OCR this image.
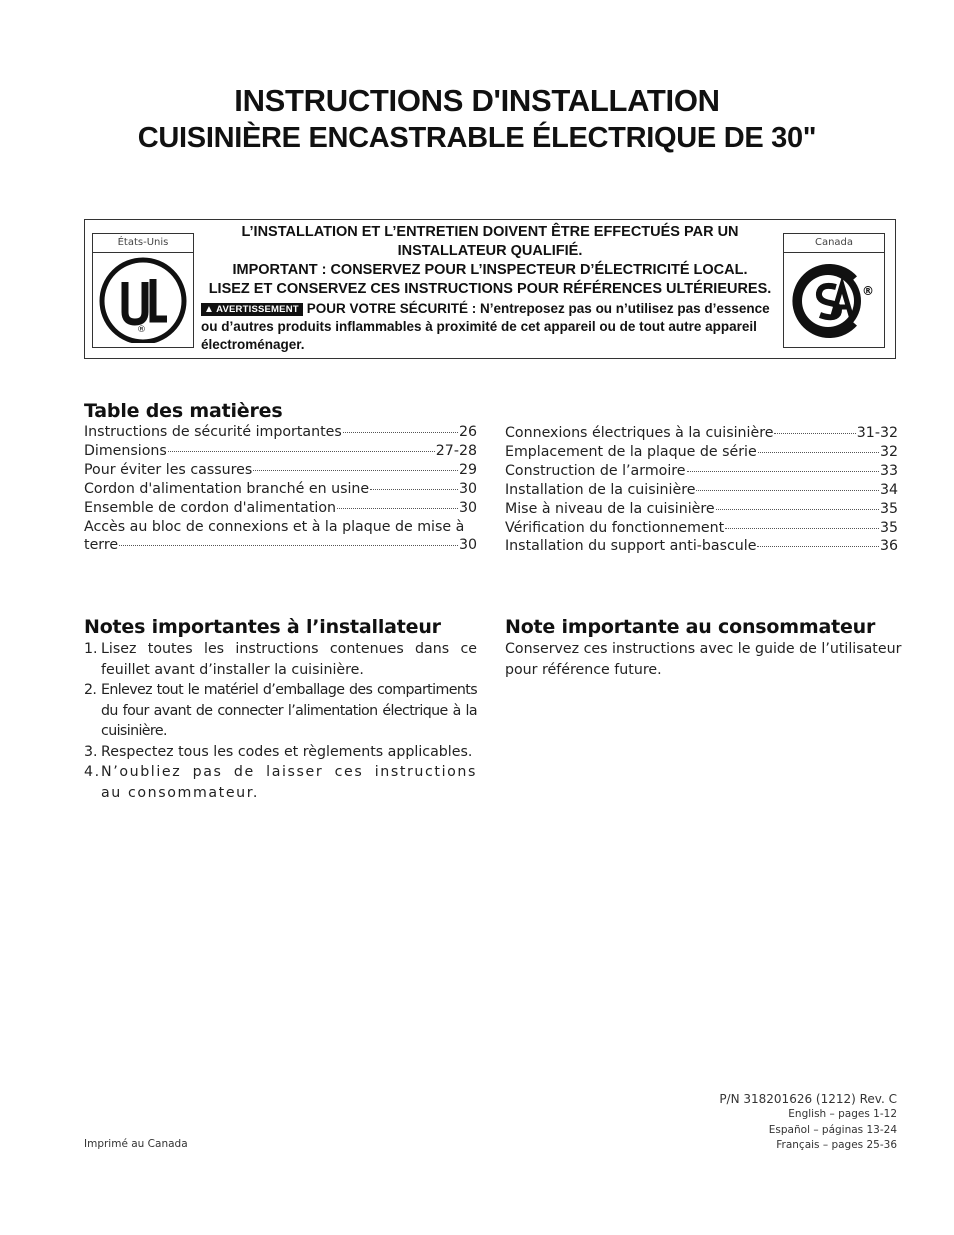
INSTRUCTIONS D'INSTALLATION
CUISINIÈRE ENCASTRABLE ÉLECTRIQUE DE 30"
États-Unis
®
L’INSTALLATION ET L’ENTRETIEN DOIVENT ÊTRE EFFECTUÉS PAR UN INSTALLATEUR QUALIFIÉ.
IMPORTANT : CONSERVEZ POUR L’INSPECTEUR D’ÉLECTRICITÉ LOCAL.
LISEZ ET CONSERVEZ CES INSTRUCTIONS POUR RÉFÉRENCES ULTÉRIEURES.
▲ AVERTISSEMENT POUR VOTRE SÉCURITÉ : N’entreposez pas ou n’utilisez pas d’essence ou d’autres produits inflammables à proximité de cet appareil ou de tout autre appareil électroménager.
Canada
®
Table des matières
Instructions de sécurité importantes	26
Dimensions	27-28
Pour éviter les cassures	29
Cordon d'alimentation branché en usine	30
Ensemble de cordon d'alimentation	30
Accès au bloc de connexions et à la plaque de mise à
terre	30
Connexions électriques à la cuisinière	31-32
Emplacement de la plaque de série	32
Construction de l’armoire	33
Installation de la cuisinière	34
Mise à niveau de la cuisinière	35
Vérification du fonctionnement	35
Installation du support anti-bascule	36
Notes importantes à l’installateur
1. Lisez toutes les instructions contenues dans ce feuillet avant d’installer la cuisinière.
2. Enlevez tout le matériel d’emballage des compartiments du four avant de connecter l’alimentation électrique à la cuisinière.
3. Respectez tous les codes et règlements applicables.
4. N’oubliez pas de laisser ces instructions au consommateur.
Note importante au consommateur
Conservez ces instructions avec le guide de l’utilisateur pour référence future.
P/N 318201626 (1212) Rev. C
English – pages 1-12
Español – páginas 13-24
Français – pages 25-36
Imprimé au Canada
